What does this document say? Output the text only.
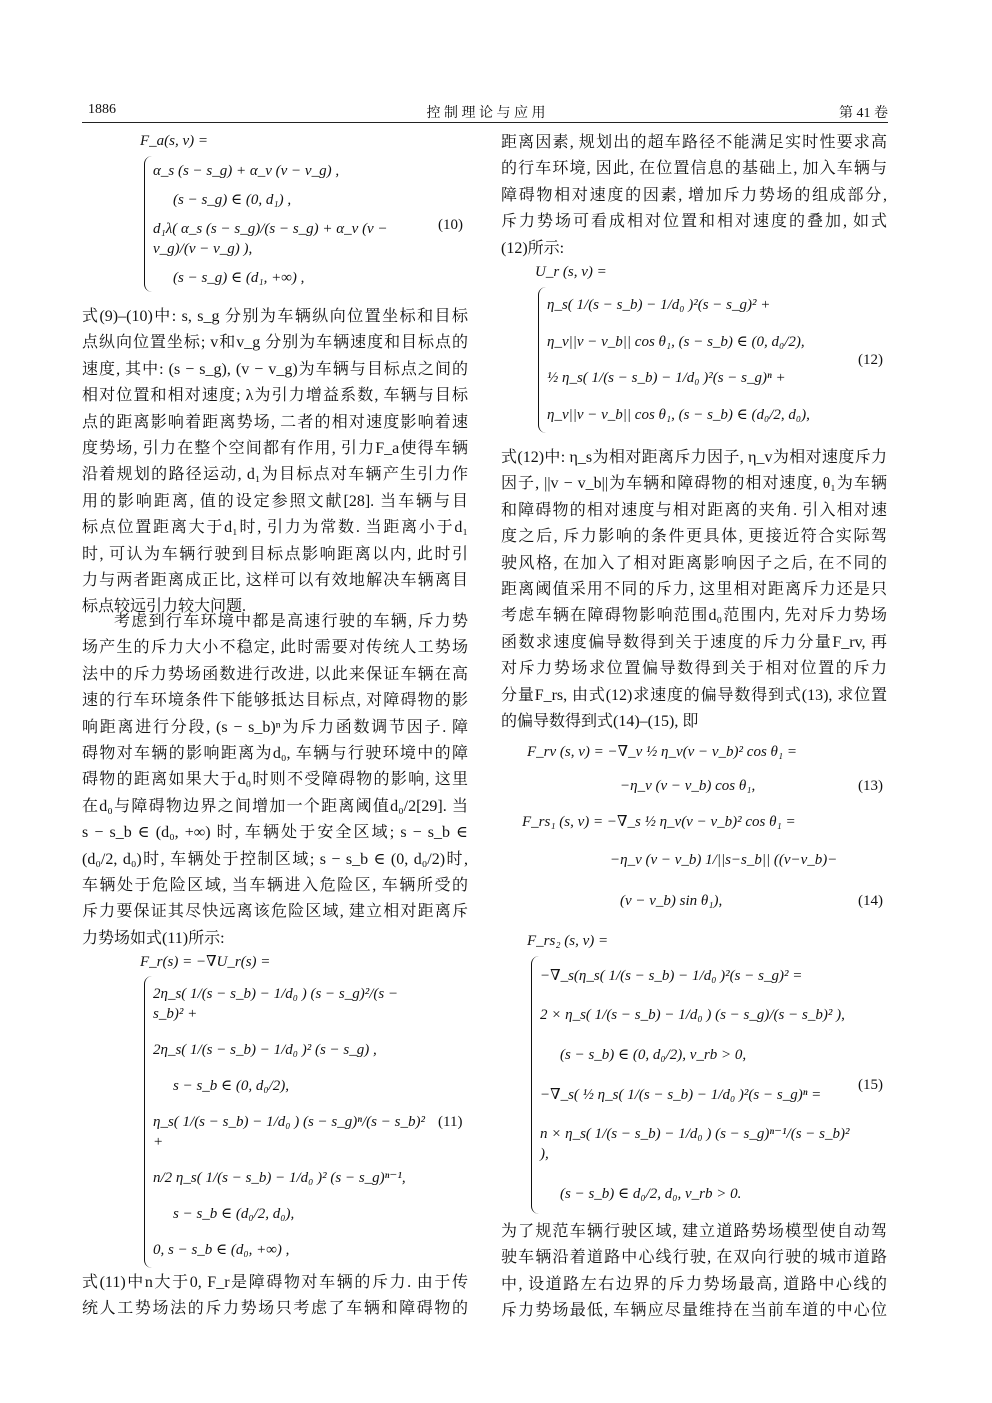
1886	控 制 理 论 与 应 用	第 41 卷
F_a(s, v) =
α_s (s − s_g) + α_v (v − v_g) ,
(s − s_g) ∈ (0, d₁) ,
d₁λ( α_s (s − s_g)/(s − s_g) + α_v (v − v_g)/(v − v_g) ),
(s − s_g) ∈ (d₁, +∞) ,
(10)
式(9)–(10)中: s, s_g 分别为车辆纵向位置坐标和目标
点纵向位置坐标; v和v_g 分别为车辆速度和目标点的
速度, 其中: (s − s_g), (v − v_g)为车辆与目标点之间的
相对位置和相对速度; λ为引力增益系数, 车辆与目标
点的距离影响着距离势场, 二者的相对速度影响着速
度势场, 引力在整个空间都有作用, 引力F_a使得车辆
沿着规划的路径运动, d₁为目标点对车辆产生引力作
用的影响距离, 值的设定参照文献[28]. 当车辆与目
标点位置距离大于d₁时, 引力为常数. 当距离小于d₁
时, 可认为车辆行驶到目标点影响距离以内, 此时引
力与两者距离成正比, 这样可以有效地解决车辆离目
标点较远引力较大问题.
考虑到行车环境中都是高速行驶的车辆, 斥力势
场产生的斥力大小不稳定, 此时需要对传统人工势场
法中的斥力势场函数进行改进, 以此来保证车辆在高
速的行车环境条件下能够抵达目标点, 对障碍物的影
响距离进行分段, (s − s_b)ⁿ为斥力函数调节因子. 障
碍物对车辆的影响距离为d₀, 车辆与行驶环境中的障
碍物的距离如果大于d₀时则不受障碍物的影响, 这里
在d₀与障碍物边界之间增加一个距离阈值d₀/2[29]. 当
s − s_b ∈ (d₀, +∞) 时, 车辆处于安全区域; s − s_b ∈
(d₀/2, d₀)时, 车辆处于控制区域; s − s_b ∈ (0, d₀/2)时,
车辆处于危险区域, 当车辆进入危险区, 车辆所受的
斥力要保证其尽快远离该危险区域, 建立相对距离斥
力势场如式(11)所示:
F_r(s) = −∇U_r(s) =
2η_s( 1/(s − s_b) − 1/d₀ ) (s − s_g)²/(s − s_b)² +
2η_s( 1/(s − s_b) − 1/d₀ )² (s − s_g) ,
s − s_b ∈ (0, d₀/2),
η_s( 1/(s − s_b) − 1/d₀ ) (s − s_g)ⁿ/(s − s_b)² +
n/2 η_s( 1/(s − s_b) − 1/d₀ )² (s − s_g)ⁿ⁻¹,
s − s_b ∈ (d₀/2, d₀),
0, s − s_b ∈ (d₀, +∞) ,
(11)
式(11)中n大于0, F_r是障碍物对车辆的斥力. 由于传
统人工势场法的斥力势场只考虑了车辆和障碍物的
距离因素, 规划出的超车路径不能满足实时性要求高
的行车环境, 因此, 在位置信息的基础上, 加入车辆与
障碍物相对速度的因素, 增加斥力势场的组成部分,
斥力势场可看成相对位置和相对速度的叠加, 如式
(12)所示:
U_r (s, v) =
η_s( 1/(s − s_b) − 1/d₀ )²(s − s_g)² +
η_v||v − v_b|| cos θ₁, (s − s_b) ∈ (0, d₀/2),
½ η_s( 1/(s − s_b) − 1/d₀ )²(s − s_g)ⁿ +
η_v||v − v_b|| cos θ₁, (s − s_b) ∈ (d₀/2, d₀),
(12)
式(12)中: η_s为相对距离斥力因子, η_v为相对速度斥力
因子, ||v − v_b||为车辆和障碍物的相对速度, θ₁为车辆
和障碍物的相对速度与相对距离的夹角. 引入相对速
度之后, 斥力影响的条件更具体, 更接近符合实际驾
驶风格, 在加入了相对距离影响因子之后, 在不同的
距离阈值采用不同的斥力, 这里相对距离斥力还是只
考虑车辆在障碍物影响范围d₀范围内, 先对斥力势场
函数求速度偏导数得到关于速度的斥力分量F_rv, 再
对斥力势场求位置偏导数得到关于相对位置的斥力
分量F_rs, 由式(12)求速度的偏导数得到式(13), 求位置
的偏导数得到式(14)–(15), 即
F_rv (s, v) = −∇_v ½ η_v(v − v_b)² cos θ₁ =
−η_v (v − v_b) cos θ₁,	(13)
F_rs₁ (s, v) = −∇_s ½ η_v(v − v_b)² cos θ₁ =
−η_v (v − v_b) 1/||s−s_b|| ((v−v_b)−
(v − v_b) sin θ₁),	(14)
F_rs₂ (s, v) =
−∇_s(η_s( 1/(s − s_b) − 1/d₀ )²(s − s_g)² =
2 × η_s( 1/(s − s_b) − 1/d₀ ) (s − s_g)/(s − s_b)² ),
(s − s_b) ∈ (0, d₀/2), v_rb > 0,
−∇_s( ½ η_s( 1/(s − s_b) − 1/d₀ )²(s − s_g)ⁿ =
n × η_s( 1/(s − s_b) − 1/d₀ ) (s − s_g)ⁿ⁻¹/(s − s_b)² ),
(s − s_b) ∈ d₀/2, d₀, v_rb > 0.
(15)
为了规范车辆行驶区域, 建立道路势场模型使自动驾
驶车辆沿着道路中心线行驶, 在双向行驶的城市道路
中, 设道路左右边界的斥力势场最高, 道路中心线的
斥力势场最低, 车辆应尽量维持在当前车道的中心位
